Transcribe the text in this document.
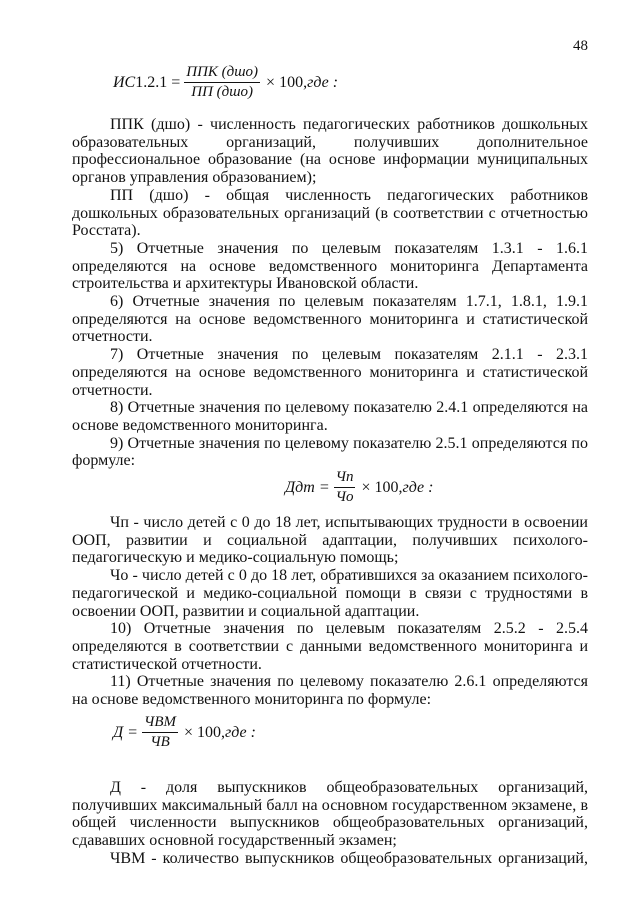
48
ИС $1.2.1 = \frac{\text{ППК (дшо)}}{\text{ПП (дшо)}} \times 100$, где :

ППК (дшо) - численность педагогических работников дошкольных образовательных организаций, получивших дополнительное профессиональное образование (на основе информации муниципальных органов управления образованием);

ПП (дшо) - общая численность педагогических работников дошкольных образовательных организаций (в соответствии с отчетностью Росстата).

5) Отчетные значения по целевым показателям 1.3.1 - 1.6.1 определяются на основе ведомственного мониторинга Департамента строительства и архитектуры Ивановской области.

6) Отчетные значения по целевым показателям 1.7.1, 1.8.1, 1.9.1 определяются на основе ведомственного мониторинга и статистической отчетности.

7) Отчетные значения по целевым показателям 2.1.1 - 2.3.1 определяются на основе ведомственного мониторинга и статистической отчетности.

8) Отчетные значения по целевому показателю 2.4.1 определяются на основе ведомственного мониторинга.

9) Отчетные значения по целевому показателю 2.5.1 определяются по формуле:

Ддт = $\frac{Чп}{Чо} \times 100$, где :

Чп - число детей с 0 до 18 лет, испытывающих трудности в освоении ООП, развитии и социальной адаптации, получивших психолого-педагогическую и медико-социальную помощь;

Чо - число детей с 0 до 18 лет, обратившихся за оказанием психолого-педагогической и медико-социальной помощи в связи с трудностями в освоении ООП, развитии и социальной адаптации.

10) Отчетные значения по целевым показателям 2.5.2 - 2.5.4 определяются в соответствии с данными ведомственного мониторинга и статистической отчетности.

11) Отчетные значения по целевому показателю 2.6.1 определяются на основе ведомственного мониторинга по формуле:

$Д = \frac{\text{ЧВМ}}{ЧВ} \times 100$, где :

Д - доля выпускников общеобразовательных организаций, получивших максимальный балл на основном государственном экзамене, в общей численности выпускников общеобразовательных организаций, сдававших основной государственный экзамен;

ЧВМ - количество выпускников общеобразовательных организаций,
